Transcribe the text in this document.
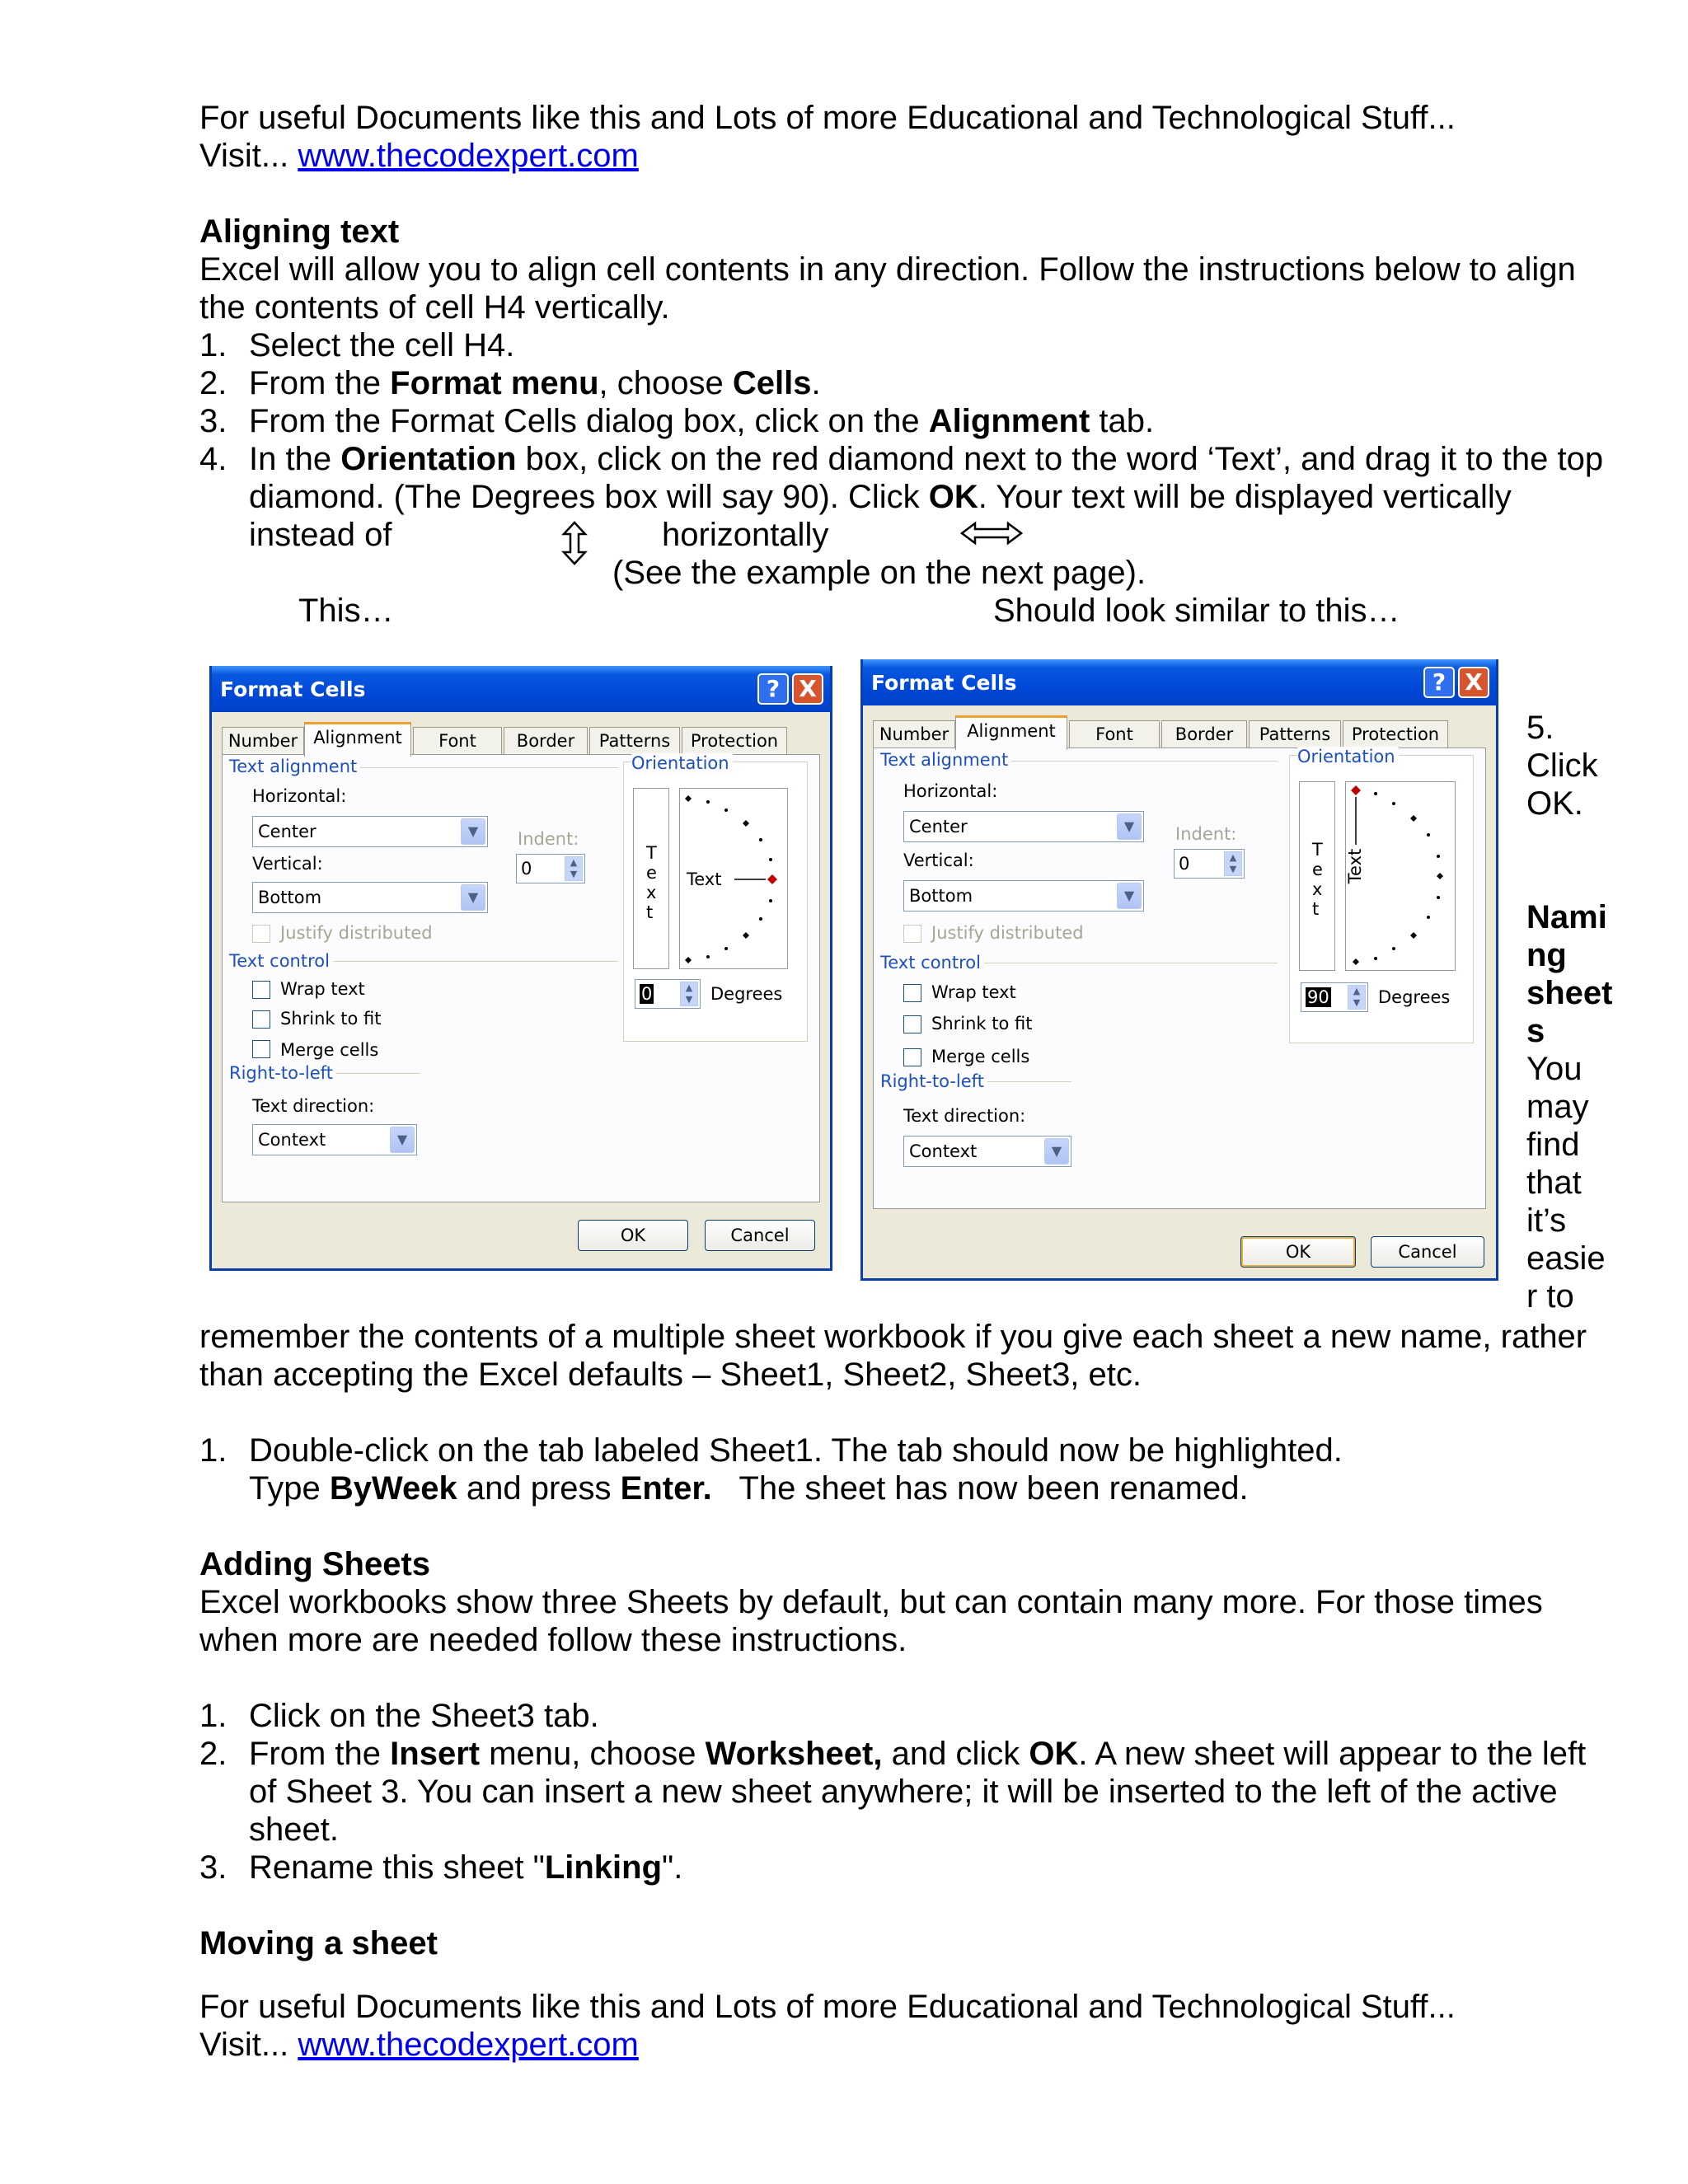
For useful Documents like this and Lots of more Educational and Technological Stuff...
Visit... www.thecodexpert.com
Aligning text
Excel will allow you to align cell contents in any direction. Follow the instructions below to align
the contents of cell H4 vertically.
1. Select the cell H4.
2. From the Format menu, choose Cells.
3. From the Format Cells dialog box, click on the Alignment tab.
4. In the Orientation box, click on the red diamond next to the word ‘Text’, and drag it to the top
diamond. (The Degrees box will say 90). Click OK. Your text will be displayed vertically
instead of	horizontally
(See the example on the next page).
This…	Should look similar to this…
Format Cells	? X
Number Alignment	Font	Border	Patterns	Protection
Text alignment
Horizontal:
Center	▼	Indent:
0	▲
▼
Vertical:
Bottom	▼
Justify distributed
Text control
Wrap text
Shrink to fit
Merge cells
Right-to-left
Text direction:
Context	▼
Orientation
T
e
x
t
Text
0	▲
▼	Degrees
OK	Cancel
Format Cells	? X
Number	Alignment	Font	Border	Patterns	Protection
Text alignment
Horizontal:
Center	▼	Indent:
0	▲
▼
Vertical:
Bottom	▼
Justify distributed
Text control
Wrap text
Shrink to fit
Merge cells
Right-to-left
Text direction:
Context	▼
Orientation
T
e
x
t
Text
90	▲
▼	Degrees
OK	Cancel
5.
Click
OK.
Nami
ng
sheet
s
You
may
find
that
it’s
easie
r to
remember the contents of a multiple sheet workbook if you give each sheet a new name, rather
than accepting the Excel defaults – Sheet1, Sheet2, Sheet3, etc.
1. Double-click on the tab labeled Sheet1. The tab should now be highlighted.
Type ByWeek and press Enter.   The sheet has now been renamed.
Adding Sheets
Excel workbooks show three Sheets by default, but can contain many more. For those times
when more are needed follow these instructions.
1. Click on the Sheet3 tab.
2. From the Insert menu, choose Worksheet, and click OK. A new sheet will appear to the left
of Sheet 3. You can insert a new sheet anywhere; it will be inserted to the left of the active
sheet.
3. Rename this sheet "Linking".
Moving a sheet
For useful Documents like this and Lots of more Educational and Technological Stuff...
Visit... www.thecodexpert.com
